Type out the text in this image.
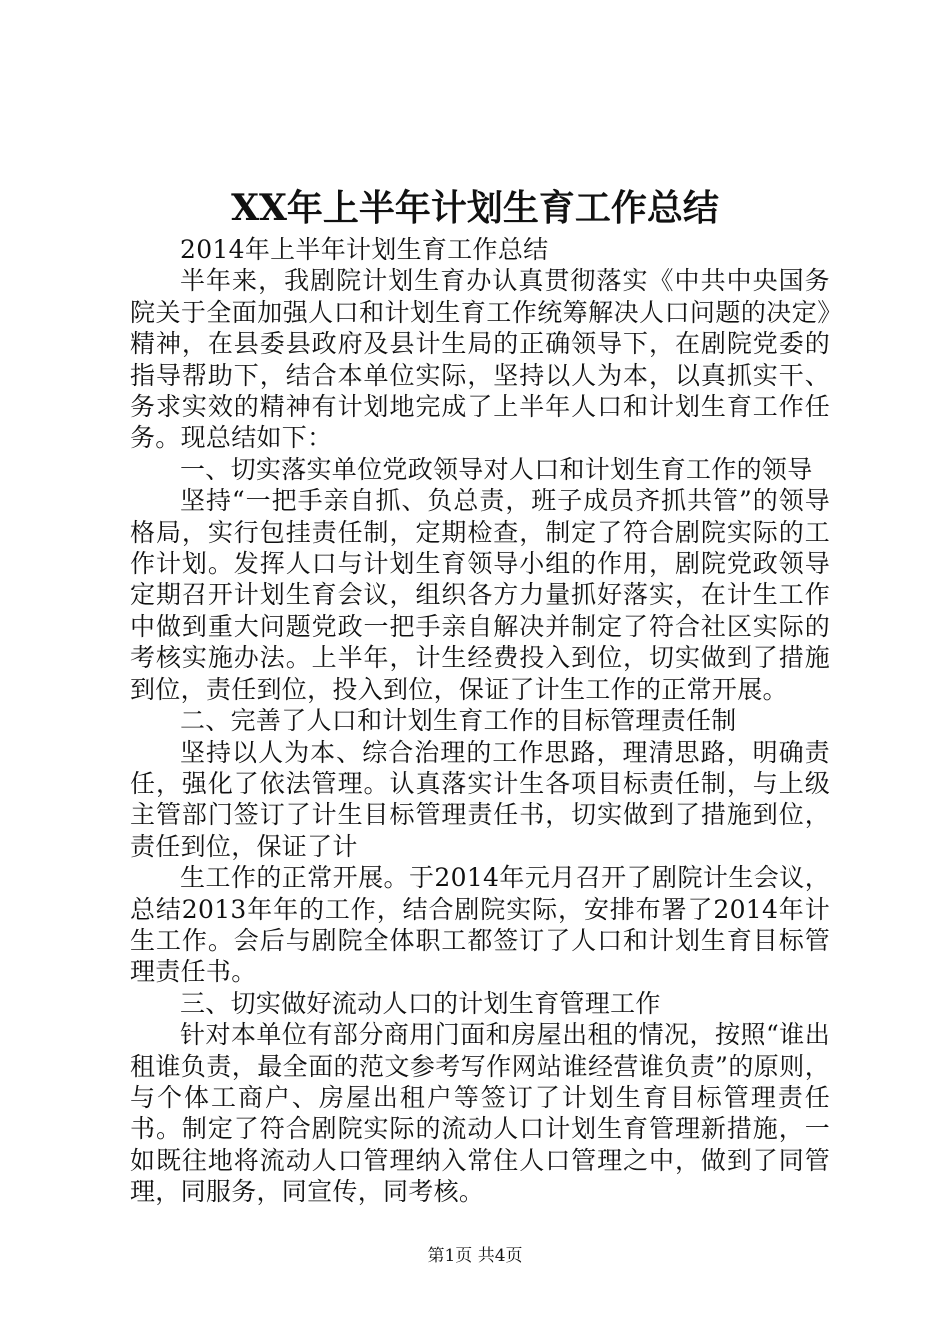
XX年上半年计划生育工作总结

2014年上半年计划生育工作总结

半年来，我剧院计划生育办认真贯彻落实《中共中央国务院关于全面加强人口和计划生育工作统筹解决人口问题的决定》精神，在县委县政府及县计生局的正确领导下，在剧院党委的指导帮助下，结合本单位实际，坚持以人为本，以真抓实干、务求实效的精神有计划地完成了上半年人口和计划生育工作任务。现总结如下：

一、切实落实单位党政领导对人口和计划生育工作的领导

坚持“一把手亲自抓、负总责，班子成员齐抓共管”的领导格局，实行包挂责任制，定期检查，制定了符合剧院实际的工作计划。发挥人口与计划生育领导小组的作用，剧院党政领导定期召开计划生育会议，组织各方力量抓好落实，在计生工作中做到重大问题党政一把手亲自解决并制定了符合社区实际的考核实施办法。上半年，计生经费投入到位，切实做到了措施到位，责任到位，投入到位，保证了计生工作的正常开展。

二、完善了人口和计划生育工作的目标管理责任制

坚持以人为本、综合治理的工作思路，理清思路，明确责任，强化了依法管理。认真落实计生各项目标责任制，与上级主管部门签订了计生目标管理责任书，切实做到了措施到位，责任到位，保证了计

生工作的正常开展。于2014年元月召开了剧院计生会议，总结2013年年的工作，结合剧院实际，安排布署了2014年计生工作。会后与剧院全体职工都签订了人口和计划生育目标管理责任书。

三、切实做好流动人口的计划生育管理工作

针对本单位有部分商用门面和房屋出租的情况，按照“谁出租谁负责，最全面的范文参考写作网站谁经营谁负责”的原则，与个体工商户、房屋出租户等签订了计划生育目标管理责任书。制定了符合剧院实际的流动人口计划生育管理新措施，一如既往地将流动人口管理纳入常住人口管理之中，做到了同管理，同服务，同宣传，同考核。

第1页 共4页
